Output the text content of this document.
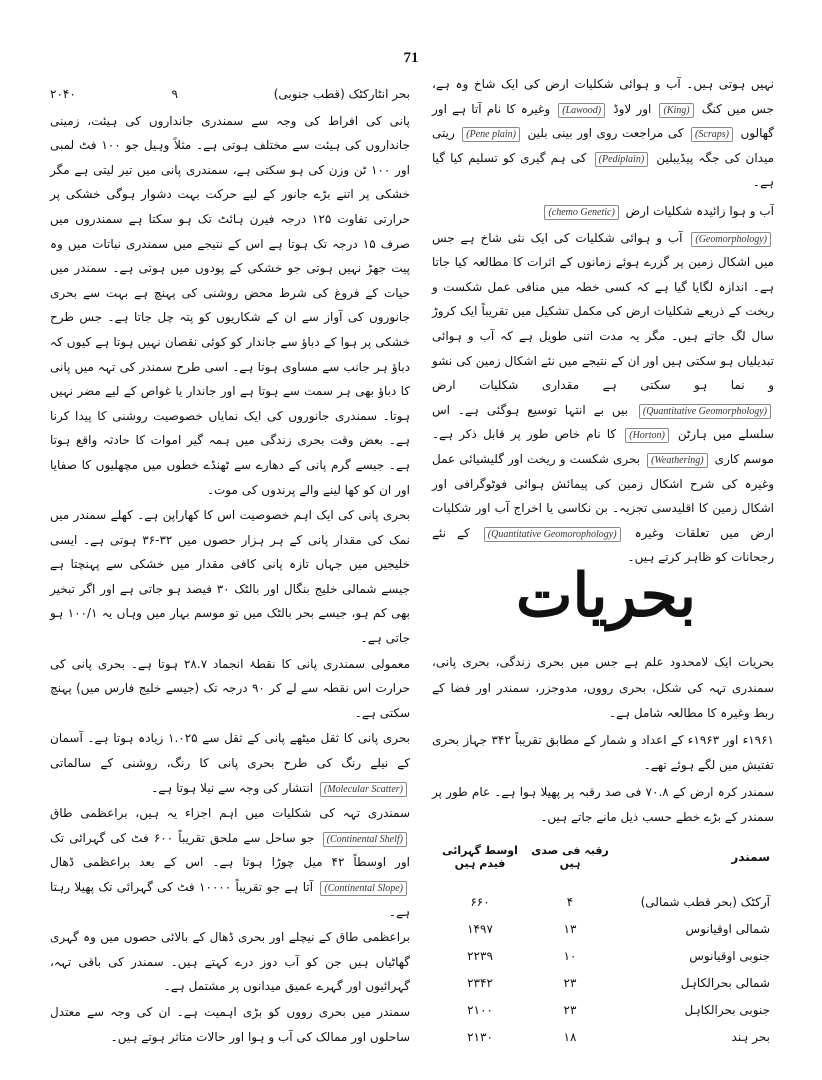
71
نہیں ہوتی ہیں۔ آب و ہوائی شکلیات ارض کی ایک شاخ وہ ہے، جس میں کنگ (King) اور لاوڈ (Lawood) وغیرہ کا نام آتا ہے اور گھالوں (Scraps) کی مراجعت روی اور بینی بلین (Pene plain) ریتی میدان کی جگہ پیڈیبلین (Pediplain) کی ہم گیری کو تسلیم کیا گیا ہے۔
آب و ہوا زائیدہ شکلیات ارض (chemo Genetic)
(Geomorphology) آب و ہوائی شکلیات کی ایک نئی شاخ ہے جس میں اشکال زمین پر گزرے ہوئے زمانوں کے اثرات کا مطالعہ کیا جاتا ہے۔ اندازہ لگایا گیا ہے کہ کسی خطہ میں منافی عمل شکست و ریخت کے ذریعے شکلیات ارض کی مکمل تشکیل میں تقریباً ایک کروڑ سال لگ جاتے ہیں۔ مگر یہ مدت اتنی طویل ہے کہ آب و ہوائی تبدیلیاں ہو سکتی ہیں اور ان کے نتیجے میں نئے اشکال زمین کی نشو و نما ہو سکتی ہے مقداری شکلیات ارض (Quantitative Geomorphology) بیں بے انتہا توسیع ہوگئی ہے۔ اس سلسلے میں ہارٹن (Horton) کا نام خاص طور پر قابل ذکر ہے۔ موسم کاری (Weathering) بحری شکست و ریخت اور گلیشیائی عمل وغیرہ کی شرح اشکال زمین کی پیمائش ہوائی فوٹوگرافی اور اشکال زمین کا اقلیدسی تجزیہ۔ بن نکاسی یا اخراج آب اور شکلیات ارض میں تعلقات وغیرہ (Quantitative Geomorophology) کے نئے رجحانات کو ظاہر کرتے ہیں۔
بحریات
بحریات ایک لامحدود علم ہے جس میں بحری زندگی، بحری پانی، سمندری تہہ کی شکل، بحری رووں، مدوجزر، سمندر اور فضا کے ربط وغیرہ کا مطالعہ شامل ہے۔
۱۹۶۱ء اور ۱۹۶۳ء کے اعداد و شمار کے مطابق تقریباً ۳۴۲ جہاز بحری تفتیش میں لگے ہوئے تھے۔
سمندر کرہ ارض کے ۷۰.۸ فی صد رقبہ پر پھیلا ہوا ہے۔ عام طور پر سمندر کے بڑے خطے حسب ذیل مانے جاتے ہیں۔
سمندر
رقبہ فی صدی ہیں
اوسط گہرائی فیدم ہیں
آرکٹک (بحر قطب شمالی)
۴
۶۶۰
شمالی اوقیانوس
۱۳
۱۴۹۷
جنوبی اوقیانوس
۱۰
۲۲۳۹
شمالی بحرالکاہل
۲۳
۲۳۴۲
جنوبی بحرالکاہل
۲۳
۲۱۰۰
بحر ہند
۱۸
۲۱۳۰
بحر انٹارکٹک (قطب جنوبی)
۹
۲۰۴۰
پانی کی افراط کی وجہ سے سمندری جانداروں کی ہیئت، زمینی جانداروں کی ہیئت سے مختلف ہوتی ہے۔ مثلاً وہیل جو ۱۰۰ فٹ لمبی اور ۱۰۰ ٹن وزن کی ہو سکتی ہے، سمندری پانی میں تیر لیتی ہے مگر خشکی پر اتنے بڑے جانور کے لیے حرکت بہت دشوار ہوگی خشکی پر حرارتی تفاوت ۱۲۵ درجہ فیرن ہائٹ تک ہو سکتا ہے سمندروں میں صرف ۱۵ درجہ تک ہوتا ہے اس کے نتیجے میں سمندری نباتات میں وہ پیت جھڑ نہیں ہوتی جو خشکی کے پودوں میں ہوتی ہے۔ سمندر میں حیات کے فروغ کی شرط محض روشنی کی پہنچ ہے بہت سے بحری جانوروں کی آواز سے ان کے شکاریوں کو پتہ چل جاتا ہے۔ جس طرح خشکی پر ہوا کے دباؤ سے جاندار کو کوئی نقصان نہیں ہوتا ہے کیوں کہ دباؤ ہر جانب سے مساوی ہوتا ہے۔ اسی طرح سمندر کی تہہ میں پانی کا دباؤ بھی ہر سمت سے ہوتا ہے اور جاندار یا غواص کے لیے مضر نہیں ہوتا۔ سمندری جانوروں کی ایک نمایاں خصوصیت روشنی کا پیدا کرنا ہے۔ بعض وقت بحری زندگی میں ہمہ گیر اموات کا حادثہ واقع ہوتا ہے۔ جیسے گرم پانی کے دھارے سے ٹھنڈے خطوں میں مچھلیوں کا صفایا اور ان کو کھا لینے والے پرندوں کی موت۔
بحری پانی کی ایک اہم خصوصیت اس کا کھاراپن ہے۔ کھلے سمندر میں نمک کی مقدار پانی کے ہر ہزار حصوں میں ۳۲-۳۶ ہوتی ہے۔ ایسی خلیجیں میں جہاں تازہ پانی کافی مقدار میں خشکی سے پہنچتا ہے جیسے شمالی خلیج بنگال اور بالٹک ۳۰ فیصد ہو جاتی ہے اور اگر تبخیر بھی کم ہو، جیسے بحر بالٹک میں تو موسم بہار میں وہاں یہ ۱۰۰/۱ ہو جاتی ہے۔
معمولی سمندری پانی کا نقطۂ انجماد ۲۸.۷ ہوتا ہے۔ بحری پانی کی حرارت اس نقطہ سے لے کر ۹۰ درجہ تک (جیسے خلیج فارس میں) پہنچ سکتی ہے۔
بحری پانی کا ثقل میٹھے پانی کے ثقل سے ۱.۰۲۵ زیادہ ہوتا ہے۔ آسمان کے نیلے رنگ کی طرح بحری پانی کا رنگ، روشنی کے سالماتی (Molecular Scatter) انتشار کی وجہ سے نیلا ہوتا ہے۔
سمندری تہہ کی شکلیات میں اہم اجزاء یہ ہیں، براعظمی طاق (Continental Shelf) جو ساحل سے ملحق تقریباً ۶۰۰ فٹ کی گہرائی تک اور اوسطاً ۴۲ میل چوڑا ہوتا ہے۔ اس کے بعد براعظمی ڈھال (Continental Slope) آتا ہے جو تقریباً ۱۰۰۰۰ فٹ کی گہرائی تک پھیلا رہتا ہے۔
براعظمی طاق کے نیچلے اور بحری ڈھال کے بالائی حصوں میں وہ گہری گھاٹیاں ہیں جن کو آب دوز درے کہتے ہیں۔ سمندر کی باقی تہہ، گہرائیوں اور گہرے عمیق میدانوں پر مشتمل ہے۔
سمندر میں بحری رووں کو بڑی اہمیت ہے۔ ان کی وجہ سے معتدل ساحلوں اور ممالک کی آب و ہوا اور حالات متاثر ہوتے ہیں۔
